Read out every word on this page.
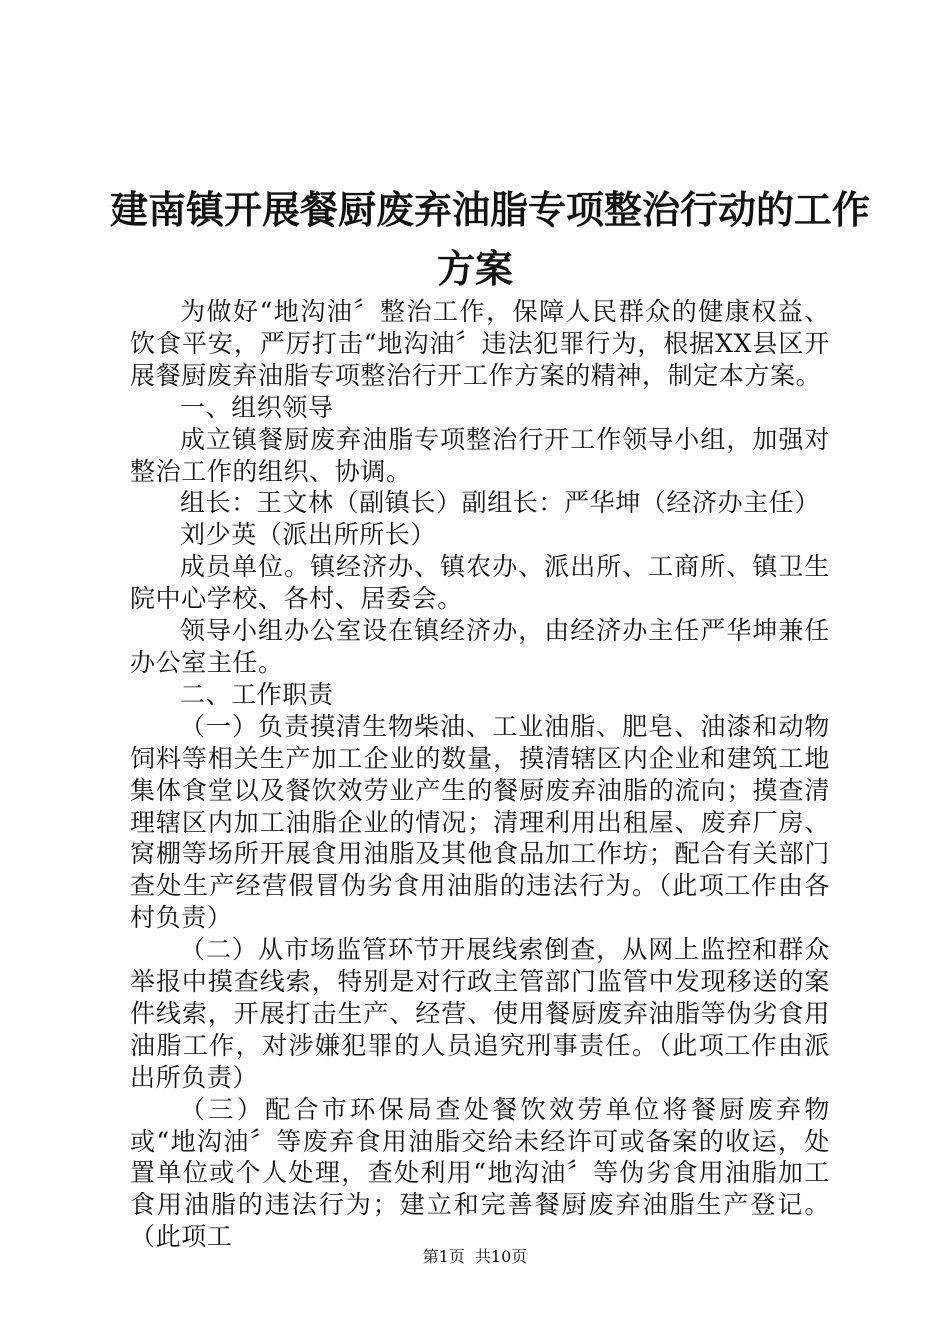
建南镇开展餐厨废弃油脂专项整治行动的工作
方案

为做好“地沟油〞整治工作，保障人民群众的健康权益、饮食平安，严厉打击“地沟油〞违法犯罪行为，根据XX县区开展餐厨废弃油脂专项整治行开工作方案的精神，制定本方案。

一、组织领导

成立镇餐厨废弃油脂专项整治行开工作领导小组，加强对整治工作的组织、协调。

组长：王文林（副镇长）副组长：严华坤（经济办主任）

刘少英（派出所所长）

成员单位。镇经济办、镇农办、派出所、工商所、镇卫生院中心学校、各村、居委会。

领导小组办公室设在镇经济办，由经济办主任严华坤兼任办公室主任。

二、工作职责

（一）负责摸清生物柴油、工业油脂、肥皂、油漆和动物饲料等相关生产加工企业的数量，摸清辖区内企业和建筑工地集体食堂以及餐饮效劳业产生的餐厨废弃油脂的流向；摸查清理辖区内加工油脂企业的情况；清理利用出租屋、废弃厂房、窝棚等场所开展食用油脂及其他食品加工作坊；配合有关部门查处生产经营假冒伪劣食用油脂的违法行为。（此项工作由各村负责）

（二）从市场监管环节开展线索倒查，从网上监控和群众举报中摸查线索，特别是对行政主管部门监管中发现移送的案件线索，开展打击生产、经营、使用餐厨废弃油脂等伪劣食用油脂工作，对涉嫌犯罪的人员追究刑事责任。（此项工作由派出所负责）

（三）配合市环保局查处餐饮效劳单位将餐厨废弃物或“地沟油〞等废弃食用油脂交给未经许可或备案的收运，处置单位或个人处理，查处利用“地沟油〞等伪劣食用油脂加工食用油脂的违法行为；建立和完善餐厨废弃油脂生产登记。（此项工

第1页 共10页
